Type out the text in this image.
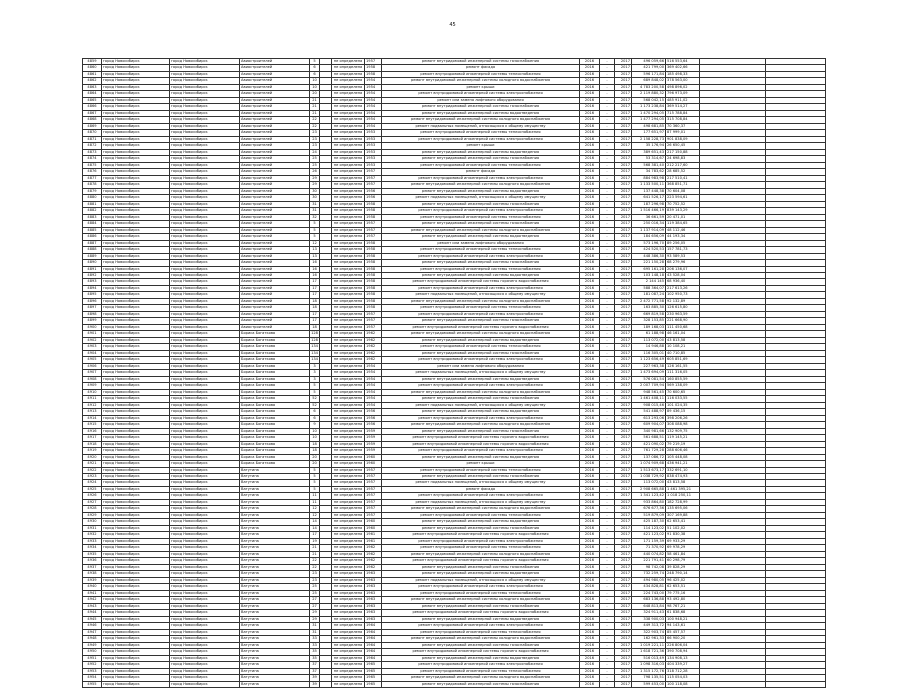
45
4859	город Новосибирск	город Новосибирск	Авиастроителей	5		не определена	1957	ремонт внутридомовой инженерной системы газоснабжения	2016	-	2017	496 059,66	516 553,64		
4860	город Новосибирск	город Новосибирск	Авиастроителей	6		не определена	1958	ремонт фасада	2016	-	2017	421 799,00	369 402,66		
4861	город Новосибирск	город Новосибирск	Авиастроителей	6		не определена	1958	ремонт внутридомовой инженерной системы теплоснабжения	2016	-	2017	596 171,84	185 498,33		
4862	город Новосибирск	город Новосибирск	Авиастроителей	10		не определена	1954	ремонт внутридомовой инженерной системы холодного водоснабжения	2016	-	2017	689 848,02	378 563,00		
4863	город Новосибирск	город Новосибирск	Авиастроителей	10		не определена	1954	ремонт крыши	2016	-	2017	4 783 200,58	498 896,02		
4864	город Новосибирск	город Новосибирск	Авиастроителей	20		не определена	1954	ремонт внутридомовой инженерной системы электроснабжения	2016	-	2017	2 119 880,32	796 973,09		
4865	город Новосибирск	город Новосибирск	Авиастроителей	21		не определена	1954	ремонт или замена лифтового оборудования	2016	-	2017	568 042,15	485 911,02		
4866	город Новосибирск	город Новосибирск	Авиастроителей	21		не определена	1954	ремонт внутридомовой инженерной системы газоснабжения	2016	-	2017	1 173 238,84	369 514,27		
4867	город Новосибирск	город Новосибирск	Авиастроителей	21		не определена	1954	ремонт внутридомовой инженерной системы водоотведения	2016	-	2017	1 470 294,05	715 788,84		
4868	город Новосибирск	город Новосибирск	Авиастроителей	22		не определена	1954	ремонт внутридомовой инженерной системы холодного водоснабжения	2016	-	2017	1 477 294,05	315 708,84		
4869	город Новосибирск	город Новосибирск	Авиастроителей	22		не определена	1954	ремонт подвальных помещений, относящихся к общему имуществу	2016	-	2017	498 681,85	70 360,37		
4870	город Новосибирск	город Новосибирск	Авиастроителей	23		не определена	1953	ремонт внутридомовой инженерной системы теплоснабжения	2016	-	2017	177 651,97	87 999,01		
4871	город Новосибирск	город Новосибирск	Авиастроителей	23		не определена	1953	ремонт внутридомовой инженерной системы электроснабжения	2016	-	2017	2 158 228,73	901 838,09		
4872	город Новосибирск	город Новосибирск	Авиастроителей	23		не определена	1953	ремонт крыши	2016	-	2017	35 176,94	26 650,45		
4873	город Новосибирск	город Новосибирск	Авиастроителей	24		не определена	1953	ремонт внутридомовой инженерной системы водоотведения	2016	-	2017	389 651,43	217 150,88		
4874	город Новосибирск	город Новосибирск	Авиастроителей	25		не определена	1953	ремонт внутридомовой инженерной системы газоснабжения	2016	-	2017	53 314,67	24 698,83		
4875	город Новосибирск	город Новосибирск	Авиастроителей	25		не определена	1953	ремонт внутридомовой инженерной системы теплоснабжения	2016	-	2017	568 381,40	212 217,60		
4876	город Новосибирск	город Новосибирск	Авиастроителей	26		не определена	1957	ремонт фасада	2016	-	2017	34 783,62	28 685,52		
4877	город Новосибирск	город Новосибирск	Авиастроителей	29		не определена	1957	ремонт внутридомовой инженерной системы электроснабжения	2016	-	2017	884 983,98	217 510,41		
4878	город Новосибирск	город Новосибирск	Авиастроителей	29		не определена	1957	ремонт внутридомовой инженерной системы холодного водоснабжения	2016	-	2017	1 133 500,11	368 851,71		
4879	город Новосибирск	город Новосибирск	Авиастроителей	30		не определена	1956	ремонт внутридомовой инженерной системы водоотведения	2016	-	2017	137 448,38	70 604,08		
4880	город Новосибирск	город Новосибирск	Авиастроителей	30		не определена	1956	ремонт подвальных помещений, относящихся к общему имуществу	2016	-	2017	641 526,17	223 594,61		
4881	город Новосибирск	город Новосибирск	Авиастроителей	31		не определена	1958	ремонт внутридомовой инженерной системы газоснабжения	2016	-	2017	187 296,98	70 752,52		
4882	город Новосибирск	город Новосибирск	Авиастроителей	31		не определена	1958	ремонт внутридомовой инженерной системы электроснабжения	2016	-	2017	1 516 466,19	839 143,29		
4883	город Новосибирск	город Новосибирск	Авиастроителей	32		не определена	1958	ремонт внутридомовой инженерной системы теплоснабжения	2016	-	2017	36 661,59	20 471,01		
4884	город Новосибирск	город Новосибирск	Авиастроителей	5		не определена	1957	ремонт внутридомовой инженерной системы газоснабжения	2016	-	2017	250 016,34	119 384,65		
4885	город Новосибирск	город Новосибирск	Авиастроителей	5		не определена	1957	ремонт внутридомовой инженерной системы холодного водоснабжения	2016	-	2017	1 137 914,09	48 112,46		
4886	город Новосибирск	город Новосибирск	Авиастроителей	5		не определена	1957	ремонт внутридомовой инженерной системы водоотведения	2016	-	2017	184 656,09	44 193,34		
4887	город Новосибирск	город Новосибирск	Авиастроителей	12		не определена	1958	ремонт или замена лифтового оборудования	2016	-	2017	573 196,70	89 256,05		
4888	город Новосибирск	город Новосибирск	Авиастроителей	13		не определена	1958	ремонт внутридомовой инженерной системы теплоснабжения	2016	-	2017	424 520,53	157 781,73		
4889	город Новосибирск	город Новосибирск	Авиастроителей	13		не определена	1958	ремонт внутридомовой инженерной системы электроснабжения	2016	-	2017	448 386,30	93 589,53		
4890	город Новосибирск	город Новосибирск	Авиастроителей	16		не определена	1958	ремонт внутридомовой инженерной системы газоснабжения	2016	-	2017	221 150,28	68 279,96		
4891	город Новосибирск	город Новосибирск	Авиастроителей	16		не определена	1958	ремонт внутридомовой инженерной системы теплоснабжения	2016	-	2017	695 161,28	206 136,07		
4892	город Новосибирск	город Новосибирск	Авиастроителей	16		не определена	1958	ремонт внутридомовой инженерной системы водоотведения	2016	-	2017	103 148,18	43 528,04		
4893	город Новосибирск	город Новосибирск	Авиастроителей	17		не определена	1958	ремонт внутридомовой инженерной системы горячего водоснабжения	2016	-	2017	2 144 145	68 936,40		
4894	город Новосибирск	город Новосибирск	Авиастроителей	17		не определена	1958	ремонт внутридомовой инженерной системы электроснабжения	2016	-	2017	588 364,07	217 613,26		
4895	город Новосибирск	город Новосибирск	Авиастроителей	17		не определена	1958	ремонт подвальных помещений, относящихся к общему имуществу	2016	-	2017	181 087,24	102 950,73		
4896	город Новосибирск	город Новосибирск	Авиастроителей	18		не определена	1958	ремонт внутридомовой инженерной системы холодного водоснабжения	2016	-	2017	2 472 771,58	92 132,89		
4897	город Новосибирск	город Новосибирск	Авиастроителей	18		не определена	1958	ремонт внутридомовой инженерной системы теплоснабжения	2016	-	2017	163 885,30	126 615,80		
4898	город Новосибирск	город Новосибирск	Авиастроителей	17		не определена	1957	ремонт внутридомовой инженерной системы электроснабжения	2016	-	2017	669 819,58	230 963,59		
4899	город Новосибирск	город Новосибирск	Авиастроителей	17		не определена	1957	ремонт внутридомовой инженерной системы газоснабжения	2016	-	2017	328 153,85	221 668,90		
4900	город Новосибирск	город Новосибирск	Авиастроителей	18		не определена	1957	ремонт внутридомовой инженерной системы горячего водоснабжения	2016	-	2017	189 168,03	111 450,68		
4901	город Новосибирск	город Новосибирск	Бориса Богаткова	128		не определена	1962	ремонт внутридомовой инженерной системы холодного водоснабжения	2016	-	2017	61 188,98	46 161,04		
4902	город Новосибирск	город Новосибирск	Бориса Богаткова	128		не определена	1962	ремонт внутридомовой инженерной системы водоотведения	2016	-	2017	113 072,00	43 813,58		
4903	город Новосибирск	город Новосибирск	Бориса Богаткова	134		не определена	1962	ремонт внутридомовой инженерной системы теплоснабжения	2016	-	2017	14 946,88	10 108,21		
4904	город Новосибирск	город Новосибирск	Бориса Богаткова	134		не определена	1962	ремонт внутридомовой инженерной системы газоснабжения	2016	-	2017	116 305,01	40 710,85		
4905	город Новосибирск	город Новосибирск	Бориса Богаткова	134		не определена	1962	ремонт внутридомовой инженерной системы электроснабжения	2016	-	2017	1 123 656,49	605 851,69		
4906	город Новосибирск	город Новосибирск	Бориса Богаткова	3		не определена	1954	ремонт или замена лифтового оборудования	2016	-	2017	227 963,38	126 161,55		
4907	город Новосибирск	город Новосибирск	Бориса Богаткова	3		не определена	1954	ремонт подвальных помещений, относящихся к общему имуществу	2016	-	2017	1 473 694,09	111 316,05		
4908	город Новосибирск	город Новосибирск	Бориса Богаткова	3		не определена	1954	ремонт внутридомовой инженерной системы водоотведения	2016	-	2017	576 081,54	160 855,59		
4909	город Новосибирск	город Новосибирск	Бориса Богаткова	5		не определена	1954	ремонт внутридомовой инженерной системы электроснабжения	2016	-	2017	2 007 709,94	569 138,09		
4910	город Новосибирск	город Новосибирск	Бориса Богаткова	5		не определена	1954	ремонт внутридомовой инженерной системы холодного водоснабжения	2016	-	2017	948 561,45	70 600,65		
4911	город Новосибирск	город Новосибирск	Бориса Богаткова	52		не определена	1954	ремонт внутридомовой инженерной системы газоснабжения	2016	-	2017	1 461 408,11	116 033,55		
4912	город Новосибирск	город Новосибирск	Бориса Богаткова	52		не определена	1954	ремонт подвальных помещений, относящихся к общему имуществу	2016	-	2017	908 015,46	101 024,35		
4913	город Новосибирск	город Новосибирск	Бориса Богаткова	6		не определена	1956	ремонт внутридомовой инженерной системы водоотведения	2016	-	2017	541 488,97	89 436,15		
4914	город Новосибирск	город Новосибирск	Бориса Богаткова	6		не определена	1956	ремонт внутридомовой инженерной системы электроснабжения	2016	-	2017	613 293,06	398 206,26		
4915	город Новосибирск	город Новосибирск	Бориса Богаткова	9		не определена	1956	ремонт внутридомовой инженерной системы холодного водоснабжения	2016	-	2017	609 904,07	308 088,98		
4916	город Новосибирск	город Новосибирск	Бориса Богаткова	10		не определена	1959	ремонт внутридомовой инженерной системы газоснабжения	2016	-	2017	340 981,66	132 909,75		
4917	город Новосибирск	город Новосибирск	Бориса Богаткова	10		не определена	1959	ремонт внутридомовой инженерной системы горячего водоснабжения	2016	-	2017	561 688,51	119 145,21		
4918	город Новосибирск	город Новосибирск	Бориса Богаткова	18		не определена	1959	ремонт внутридомовой инженерной системы горячего водоснабжения	2016	-	2017	421 090,02	79 219,19		
4919	город Новосибирск	город Новосибирск	Бориса Богаткова	18		не определена	1959	ремонт внутридомовой инженерной системы электроснабжения	2016	-	2017	761 729,28	288 606,46		
4920	город Новосибирск	город Новосибирск	Бориса Богаткова	20		не определена	1960	ремонт внутридомовой инженерной системы водоотведения	2016	-	2017	137 086,72	105 448,08		
4921	город Новосибирск	город Новосибирск	Бориса Богаткова	20		не определена	1960	ремонт крыши	2016	-	2017	1 074 909,68	436 941,21		
4922	город Новосибирск	город Новосибирск	Ватутина	5		не определена	1957	ремонт внутридомовой инженерной системы теплоснабжения	2016	-	2017	1 513 673,17	332 691,10		
4923	город Новосибирск	город Новосибирск	Ватутина	5		не определена	1957	ремонт внутридомовой инженерной системы газоснабжения	2016	-	2017	1 038 729,92	838 474,93		
4924	город Новосибирск	город Новосибирск	Ватутина	5		не определена	1957	ремонт подвальных помещений, относящихся к общему имуществу	2016	-	2017	113 072,00	43 813,58		
4925	город Новосибирск	город Новосибирск	Ватутина	5		не определена	1957	ремонт фасада	2016	-	2017	2 908 665,88	1 461 395,21		
4926	город Новосибирск	город Новосибирск	Ватутина	11		не определена	1957	ремонт внутридомовой инженерной системы электроснабжения	2016	-	2017	1 341 123,42	1 018 250,11		
4927	город Новосибирск	город Новосибирск	Ватутина	11		не определена	1957	ремонт подвальных помещений, относящихся к общему имуществу	2016	-	2017	933 864,80	182 728,99		
4928	город Новосибирск	город Новосибирск	Ватутина	12		не определена	1957	ремонт внутридомовой инженерной системы холодного водоснабжения	2016	-	2017	676 677,36	135 695,06		
4929	город Новосибирск	город Новосибирск	Ватутина	12		не определена	1957	ремонт внутридомовой инженерной системы теплоснабжения	2016	-	2017	519 879,09	307 169,88		
4930	город Новосибирск	город Новосибирск	Ватутина	14		не определена	1960	ремонт внутридомовой инженерной системы водоотведения	2016	-	2017	425 187,30	62 653,41		
4931	город Новосибирск	город Новосибирск	Ватутина	14		не определена	1960	ремонт внутридомовой инженерной системы газоснабжения	2016	-	2017	114 123,02	51 102,02		
4932	город Новосибирск	город Новосибирск	Ватутина	17		не определена	1961	ремонт внутридомовой инженерной системы горячего водоснабжения	2016	-	2017	421 123,02	91 830,38		
4933	город Новосибирск	город Новосибирск	Ватутина	19		не определена	1961	ремонт внутридомовой инженерной системы электроснабжения	2016	-	2017	171 159,39	69 933,29		
4934	город Новосибирск	город Новосибирск	Ватутина	21		не определена	1962	ремонт внутридомовой инженерной системы теплоснабжения	2016	-	2017	71 370,92	69 978,29		
4935	город Новосибирск	город Новосибирск	Ватутина	21		не определена	1962	ремонт внутридомовой инженерной системы холодного водоснабжения	2016	-	2017	440 074,82	58 461,84		
4936	город Новосибирск	город Новосибирск	Ватутина	22		не определена	1962	ремонт внутридомовой инженерной системы горячего водоснабжения	2016	-	2017	221 791,41	60 298,79		
4937	город Новосибирск	город Новосибирск	Ватутина	22		не определена	1962	ремонт внутридомовой инженерной системы газоснабжения	2016	-	2017	98 742,08	39 828,29		
4938	город Новосибирск	город Новосибирск	Ватутина	23		не определена	1963	ремонт внутридомовой инженерной системы водоотведения	2016	-	2017	732 259,74	248 790,14		
4939	город Новосибирск	город Новосибирск	Ватутина	23		не определена	1963	ремонт подвальных помещений, относящихся к общему имуществу	2016	-	2017	494 980,05	96 425,02		
4940	город Новосибирск	город Новосибирск	Ватутина	25		не определена	1963	ремонт внутридомовой инженерной системы электроснабжения	2016	-	2017	434 828,81	62 653,51		
4941	город Новосибирск	город Новосибирск	Ватутина	25		не определена	1963	ремонт внутридомовой инженерной системы теплоснабжения	2016	-	2017	224 743,00	79 775,16		
4942	город Новосибирск	город Новосибирск	Ватутина	27		не определена	1963	ремонт внутридомовой инженерной системы холодного водоснабжения	2016	-	2017	683 136,88	93 492,80		
4943	город Новосибирск	город Новосибирск	Ватутина	27		не определена	1963	ремонт внутридомовой инженерной системы газоснабжения	2016	-	2017	648 813,84	98 767,21		
4944	город Новосибирск	город Новосибирск	Ватутина	29		не определена	1963	ремонт внутридомовой инженерной системы горячего водоснабжения	2016	-	2017	324 911,43	61 838,68		
4945	город Новосибирск	город Новосибирск	Ватутина	29		не определена	1963	ремонт внутридомовой инженерной системы водоотведения	2016	-	2017	338 900,03	100 948,21		
4946	город Новосибирск	город Новосибирск	Ватутина	31		не определена	1964	ремонт внутридомовой инженерной системы электроснабжения	2016	-	2017	449 313,72	94 143,61		
4947	город Новосибирск	город Новосибирск	Ватутина	31		не определена	1964	ремонт внутридомовой инженерной системы теплоснабжения	2016	-	2017	322 903,74	85 457,57		
4948	город Новосибирск	город Новосибирск	Ватутина	33		не определена	1964	ремонт внутридомовой инженерной системы холодного водоснабжения	2016	-	2017	162 961,33	66 900,20		
4949	город Новосибирск	город Новосибирск	Ватутина	33		не определена	1964	ремонт внутридомовой инженерной системы газоснабжения	2016	-	2017	1 019 221,11	226 806,04		
4950	город Новосибирск	город Новосибирск	Ватутина	35		не определена	1964	ремонт внутридомовой инженерной системы горячего водоснабжения	2016	-	2017	1 618 721,36	390 708,94		
4951	город Новосибирск	город Новосибирск	Ватутина	35		не определена	1964	ремонт внутридомовой инженерной системы водоотведения	2016	-	2017	516 013,49	134 908,13		
4952	город Новосибирск	город Новосибирск	Ватутина	37		не определена	1965	ремонт внутридомовой инженерной системы электроснабжения	2016	-	2017	1 098 316,03	404 339,27		
4953	город Новосибирск	город Новосибирск	Ватутина	37		не определена	1965	ремонт внутридомовой инженерной системы теплоснабжения	2016	-	2017	1 315 172,76	318 712,28		
4954	город Новосибирск	город Новосибирск	Ватутина	39		не определена	1965	ремонт внутридомовой инженерной системы холодного водоснабжения	2016	-	2017	798 135,51	115 054,03		
4955	город Новосибирск	город Новосибирск	Ватутина	39		не определена	1965	ремонт внутридомовой инженерной системы газоснабжения	2016	-	2017	599 453,00	100 118,08		
